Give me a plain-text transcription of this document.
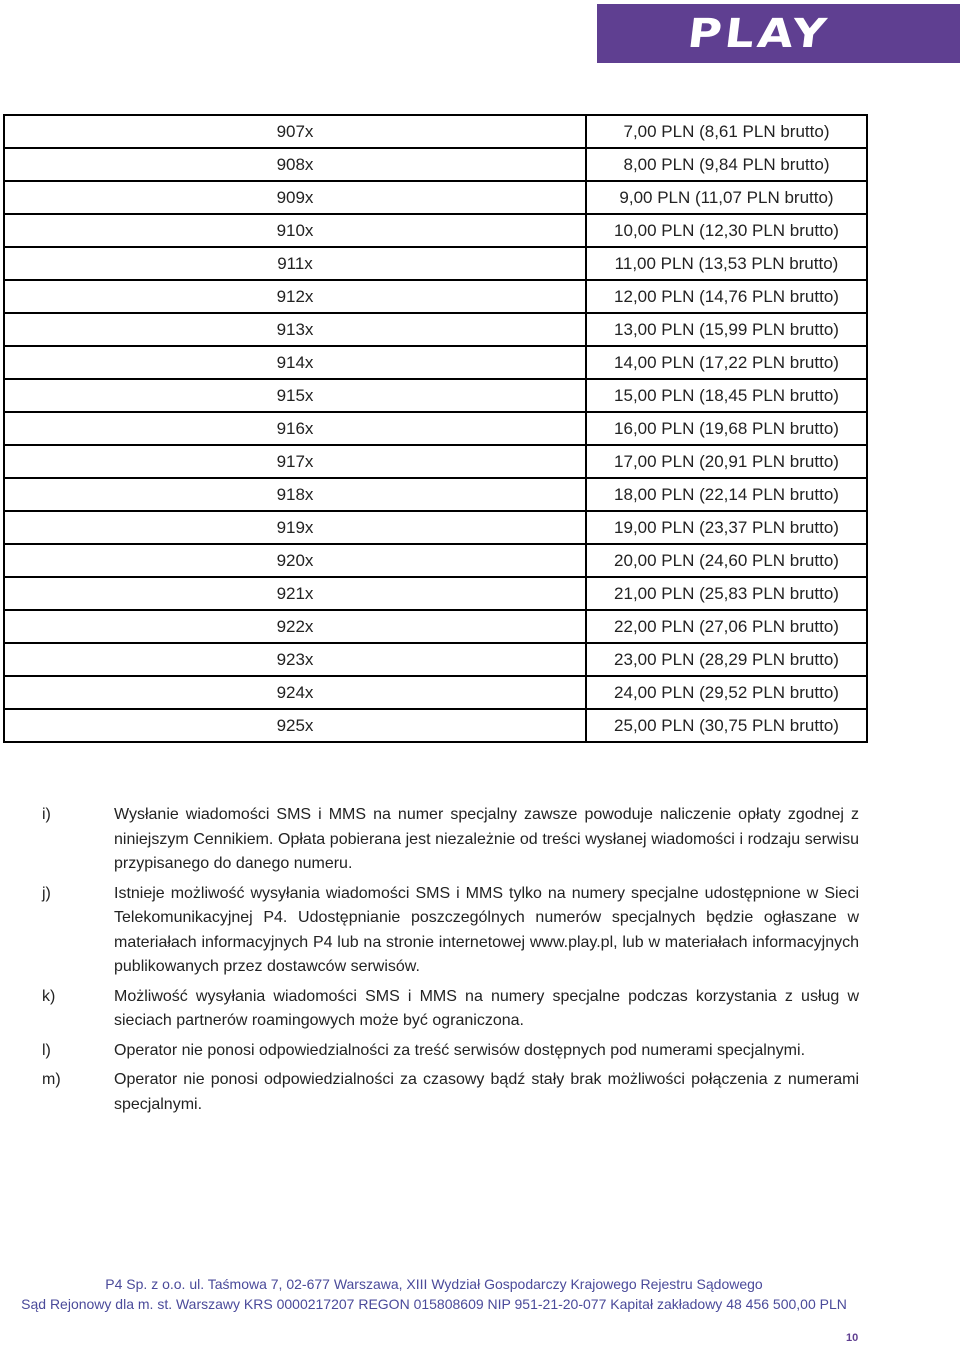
PLAY
907x	7,00 PLN (8,61 PLN brutto)
908x	8,00 PLN (9,84 PLN brutto)
909x	9,00 PLN (11,07 PLN brutto)
910x	10,00 PLN (12,30 PLN brutto)
911x	11,00 PLN (13,53 PLN brutto)
912x	12,00 PLN (14,76 PLN brutto)
913x	13,00 PLN (15,99 PLN brutto)
914x	14,00 PLN (17,22 PLN brutto)
915x	15,00 PLN (18,45 PLN brutto)
916x	16,00 PLN (19,68 PLN brutto)
917x	17,00 PLN (20,91 PLN brutto)
918x	18,00 PLN (22,14 PLN brutto)
919x	19,00 PLN (23,37 PLN brutto)
920x	20,00 PLN (24,60 PLN brutto)
921x	21,00 PLN (25,83 PLN brutto)
922x	22,00 PLN (27,06 PLN brutto)
923x	23,00 PLN (28,29 PLN brutto)
924x	24,00 PLN (29,52 PLN brutto)
925x	25,00 PLN (30,75 PLN brutto)
i)	Wysłanie wiadomości SMS i MMS na numer specjalny zawsze powoduje naliczenie opłaty zgodnej z niniejszym Cennikiem. Opłata pobierana jest niezależnie od treści wysłanej wiadomości i rodzaju serwisu przypisanego do danego numeru.
j)	Istnieje możliwość wysyłania wiadomości SMS i MMS tylko na numery specjalne udostępnione w Sieci Telekomunikacyjnej P4. Udostępnianie poszczególnych numerów specjalnych będzie ogłaszane w materiałach informacyjnych P4 lub na stronie internetowej www.play.pl, lub w materiałach informacyjnych publikowanych przez dostawców serwisów.
k)	Możliwość wysyłania wiadomości SMS i MMS na numery specjalne podczas korzystania z usług w sieciach partnerów roamingowych może być ograniczona.
l)	Operator nie ponosi odpowiedzialności za treść serwisów dostępnych pod numerami specjalnymi.
m)	Operator nie ponosi odpowiedzialności za czasowy bądź stały brak możliwości połączenia z numerami specjalnymi.
P4 Sp. z o.o. ul. Taśmowa 7, 02-677 Warszawa, XIII Wydział Gospodarczy Krajowego Rejestru Sądowego
Sąd Rejonowy dla m. st. Warszawy KRS 0000217207 REGON 015808609 NIP 951-21-20-077 Kapitał zakładowy 48 456 500,00 PLN
10
